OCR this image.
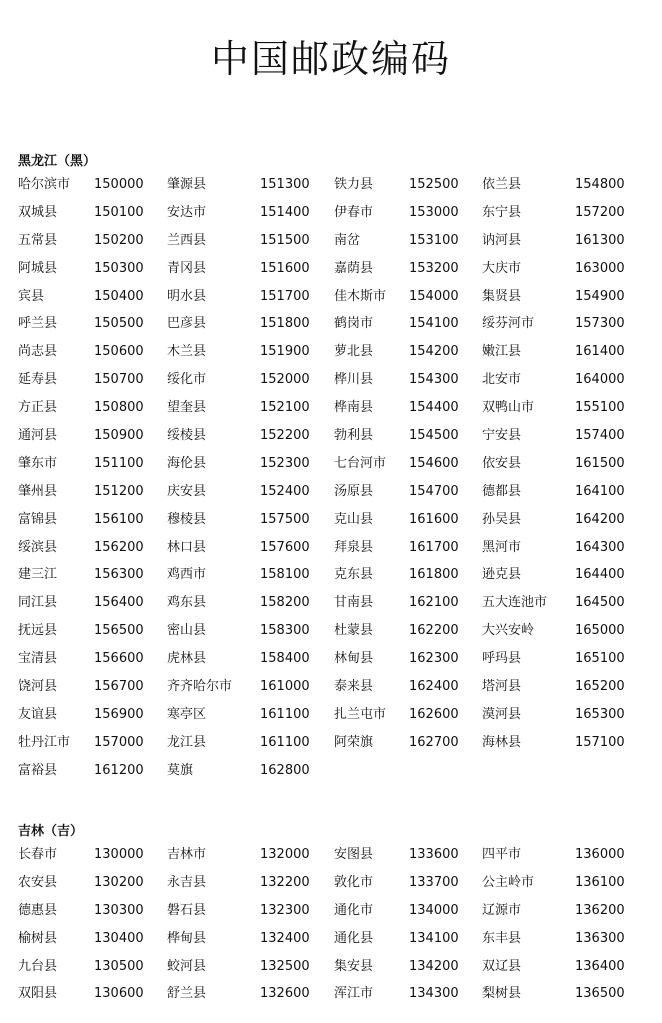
中国邮政编码
黑龙江（黑）
哈尔滨市 150000 肇源县	151300 铁力县	152500 依兰县	154800
双城县	150100 安达市	151400 伊春市	153000 东宁县	157200
五常县	150200 兰西县	151500 南岔	153100 讷河县	161300
阿城县	150300 青冈县	151600 嘉荫县	153200 大庆市	163000
宾县	150400 明水县	151700 佳木斯市 154000 集贤县	154900
呼兰县	150500 巴彦县	151800 鹤岗市	154100 绥芬河市	157300
尚志县	150600 木兰县	151900 萝北县	154200 嫩江县	161400
延寿县	150700 绥化市	152000 桦川县	154300 北安市	164000
方正县	150800 望奎县	152100 桦南县	154400 双鸭山市	155100
通河县	150900 绥棱县	152200 勃利县	154500 宁安县	157400
肇东市	151100 海伦县	152300 七台河市 154600 依安县	161500
肇州县	151200 庆安县	152400 汤原县	154700 德都县	164100
富锦县	156100 穆棱县	157500 克山县	161600 孙吴县	164200
绥滨县	156200 林口县	157600 拜泉县	161700 黑河市	164300
建三江	156300 鸡西市	158100 克东县	161800 逊克县	164400
同江县	156400 鸡东县	158200 甘南县	162100 五大连池市 164500
抚远县	156500 密山县	158300 杜蒙县	162200 大兴安岭	165000
宝清县	156600 虎林县	158400 林甸县	162300 呼玛县	165100
饶河县	156700 齐齐哈尔市 161000 泰来县	162400 塔河县	165200
友谊县	156900 寒亭区	161100 扎兰屯市 162600 漠河县	165300
牡丹江市 157000 龙江县	161100 阿荣旗	162700 海林县	157100
富裕县	161200 莫旗	162800
吉林（吉）
长春市	130000 吉林市	132000 安图县	133600 四平市	136000
农安县	130200 永吉县	132200 敦化市	133700 公主岭市	136100
德惠县	130300 磐石县	132300 通化市	134000 辽源市	136200
榆树县	130400 桦甸县	132400 通化县	134100 东丰县	136300
九台县	130500 蛟河县	132500 集安县	134200 双辽县	136400
双阳县	130600 舒兰县	132600 浑江市	134300 梨树县	136500
